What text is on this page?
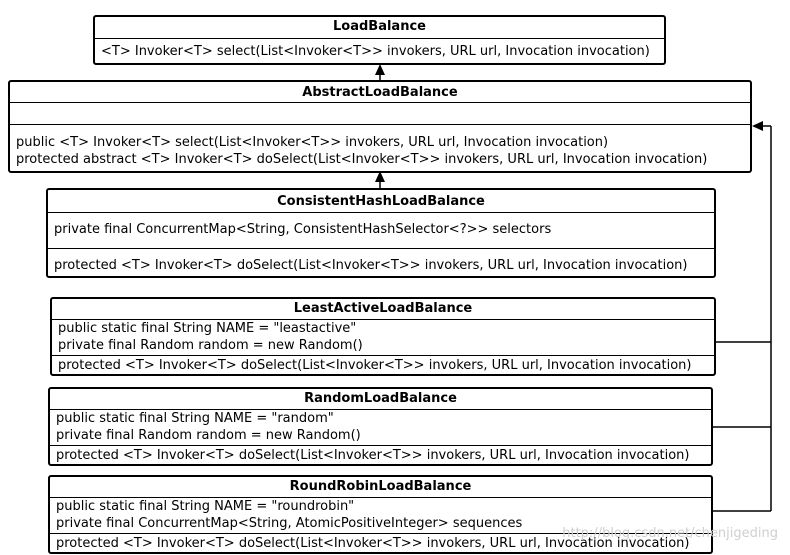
LoadBalance
<T> Invoker<T> select(List<Invoker<T>> invokers, URL url, Invocation invocation)
AbstractLoadBalance
public <T> Invoker<T> select(List<Invoker<T>> invokers, URL url, Invocation invocation)
protected abstract <T> Invoker<T> doSelect(List<Invoker<T>> invokers, URL url, Invocation invocation)
ConsistentHashLoadBalance
private final ConcurrentMap<String, ConsistentHashSelector<?>> selectors
protected <T> Invoker<T> doSelect(List<Invoker<T>> invokers, URL url, Invocation invocation)
LeastActiveLoadBalance
public static final String NAME = "leastactive"
private final Random random = new Random()
protected <T> Invoker<T> doSelect(List<Invoker<T>> invokers, URL url, Invocation invocation)
RandomLoadBalance
public static final String NAME = "random"
private final Random random = new Random()
protected <T> Invoker<T> doSelect(List<Invoker<T>> invokers, URL url, Invocation invocation)
RoundRobinLoadBalance
public static final String NAME = "roundrobin"
private final ConcurrentMap<String, AtomicPositiveInteger> sequences
protected <T> Invoker<T> doSelect(List<Invoker<T>> invokers, URL url, Invocation invocation)
http://blog.csdn.net/chenjigeding
